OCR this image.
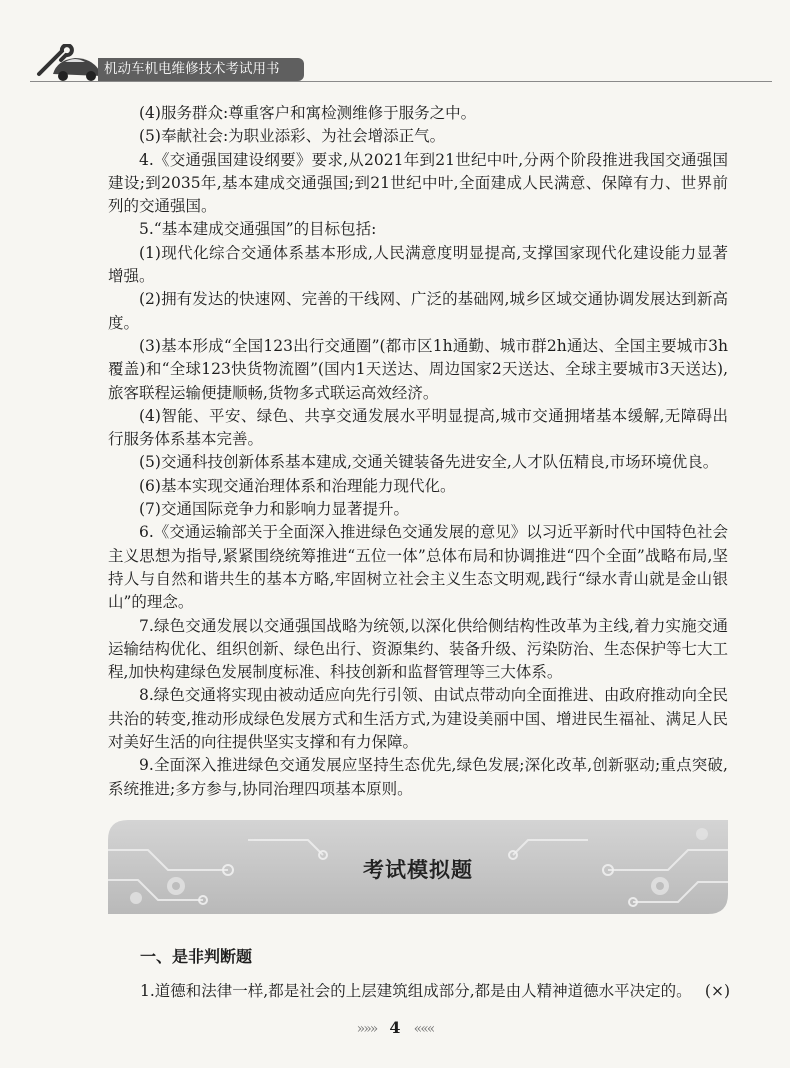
机动车机电维修技术考试用书

(4)服务群众:尊重客户和寓检测维修于服务之中。

(5)奉献社会:为职业添彩、为社会增添正气。

4.《交通强国建设纲要》要求,从2021年到21世纪中叶,分两个阶段推进我国交通强国建设;到2035年,基本建成交通强国;到21世纪中叶,全面建成人民满意、保障有力、世界前列的交通强国。

5.“基本建成交通强国”的目标包括:

(1)现代化综合交通体系基本形成,人民满意度明显提高,支撑国家现代化建设能力显著增强。

(2)拥有发达的快速网、完善的干线网、广泛的基础网,城乡区域交通协调发展达到新高度。

(3)基本形成“全国123出行交通圈”(都市区1h通勤、城市群2h通达、全国主要城市3h覆盖)和“全球123快货物流圈”(国内1天送达、周边国家2天送达、全球主要城市3天送达),旅客联程运输便捷顺畅,货物多式联运高效经济。

(4)智能、平安、绿色、共享交通发展水平明显提高,城市交通拥堵基本缓解,无障碍出行服务体系基本完善。

(5)交通科技创新体系基本建成,交通关键装备先进安全,人才队伍精良,市场环境优良。

(6)基本实现交通治理体系和治理能力现代化。

(7)交通国际竞争力和影响力显著提升。

6.《交通运输部关于全面深入推进绿色交通发展的意见》以习近平新时代中国特色社会主义思想为指导,紧紧围绕统筹推进“五位一体”总体布局和协调推进“四个全面”战略布局,坚持人与自然和谐共生的基本方略,牢固树立社会主义生态文明观,践行“绿水青山就是金山银山”的理念。

7.绿色交通发展以交通强国战略为统领,以深化供给侧结构性改革为主线,着力实施交通运输结构优化、组织创新、绿色出行、资源集约、装备升级、污染防治、生态保护等七大工程,加快构建绿色发展制度标准、科技创新和监督管理等三大体系。

8.绿色交通将实现由被动适应向先行引领、由试点带动向全面推进、由政府推动向全民共治的转变,推动形成绿色发展方式和生活方式,为建设美丽中国、增进民生福祉、满足人民对美好生活的向往提供坚实支撑和有力保障。

9.全面深入推进绿色交通发展应坚持生态优先,绿色发展;深化改革,创新驱动;重点突破,系统推进;多方参与,协同治理四项基本原则。

考试模拟题
一、是非判断题
1.道德和法律一样,都是社会的上层建筑组成部分,都是由人精神道德水平决定的。 (×)
»»» 4 «««
